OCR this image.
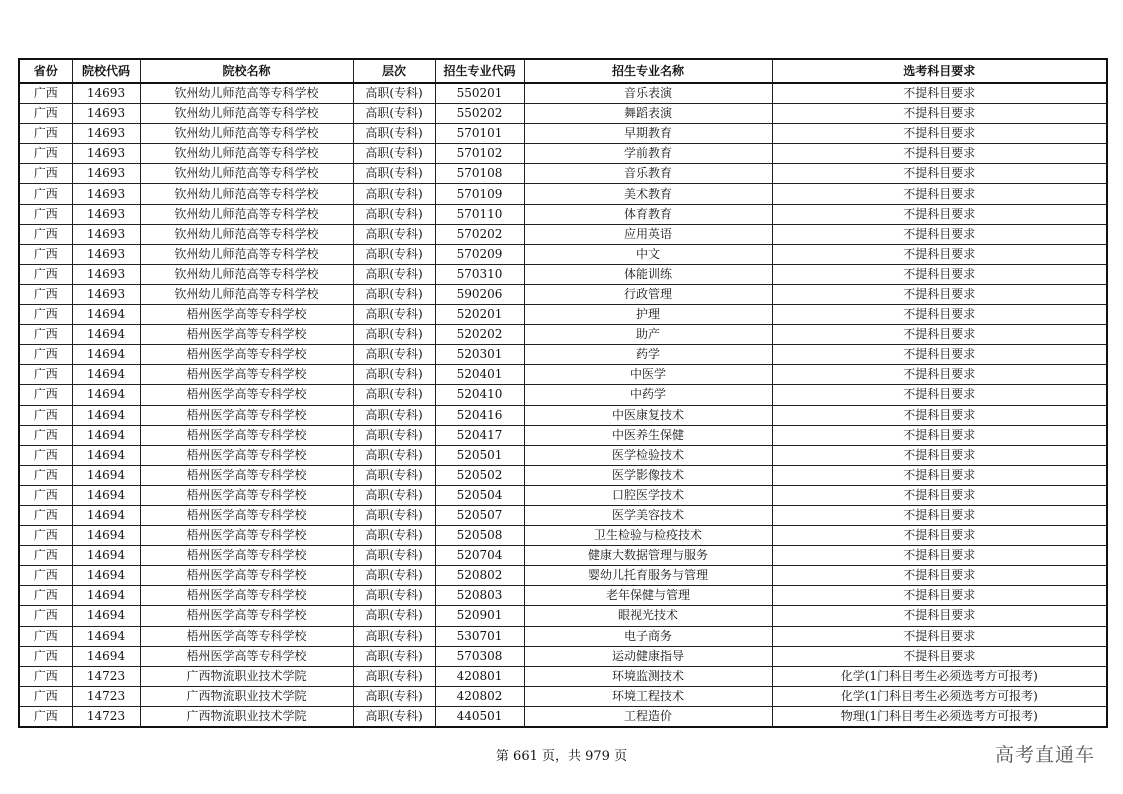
省份	院校代码	院校名称	层次	招生专业代码	招生专业名称	选考科目要求
广西	14693	钦州幼儿师范高等专科学校	高职(专科)	550201	音乐表演	不提科目要求
广西	14693	钦州幼儿师范高等专科学校	高职(专科)	550202	舞蹈表演	不提科目要求
广西	14693	钦州幼儿师范高等专科学校	高职(专科)	570101	早期教育	不提科目要求
广西	14693	钦州幼儿师范高等专科学校	高职(专科)	570102	学前教育	不提科目要求
广西	14693	钦州幼儿师范高等专科学校	高职(专科)	570108	音乐教育	不提科目要求
广西	14693	钦州幼儿师范高等专科学校	高职(专科)	570109	美术教育	不提科目要求
广西	14693	钦州幼儿师范高等专科学校	高职(专科)	570110	体育教育	不提科目要求
广西	14693	钦州幼儿师范高等专科学校	高职(专科)	570202	应用英语	不提科目要求
广西	14693	钦州幼儿师范高等专科学校	高职(专科)	570209	中文	不提科目要求
广西	14693	钦州幼儿师范高等专科学校	高职(专科)	570310	体能训练	不提科目要求
广西	14693	钦州幼儿师范高等专科学校	高职(专科)	590206	行政管理	不提科目要求
广西	14694	梧州医学高等专科学校	高职(专科)	520201	护理	不提科目要求
广西	14694	梧州医学高等专科学校	高职(专科)	520202	助产	不提科目要求
广西	14694	梧州医学高等专科学校	高职(专科)	520301	药学	不提科目要求
广西	14694	梧州医学高等专科学校	高职(专科)	520401	中医学	不提科目要求
广西	14694	梧州医学高等专科学校	高职(专科)	520410	中药学	不提科目要求
广西	14694	梧州医学高等专科学校	高职(专科)	520416	中医康复技术	不提科目要求
广西	14694	梧州医学高等专科学校	高职(专科)	520417	中医养生保健	不提科目要求
广西	14694	梧州医学高等专科学校	高职(专科)	520501	医学检验技术	不提科目要求
广西	14694	梧州医学高等专科学校	高职(专科)	520502	医学影像技术	不提科目要求
广西	14694	梧州医学高等专科学校	高职(专科)	520504	口腔医学技术	不提科目要求
广西	14694	梧州医学高等专科学校	高职(专科)	520507	医学美容技术	不提科目要求
广西	14694	梧州医学高等专科学校	高职(专科)	520508	卫生检验与检疫技术	不提科目要求
广西	14694	梧州医学高等专科学校	高职(专科)	520704	健康大数据管理与服务	不提科目要求
广西	14694	梧州医学高等专科学校	高职(专科)	520802	婴幼儿托育服务与管理	不提科目要求
广西	14694	梧州医学高等专科学校	高职(专科)	520803	老年保健与管理	不提科目要求
广西	14694	梧州医学高等专科学校	高职(专科)	520901	眼视光技术	不提科目要求
广西	14694	梧州医学高等专科学校	高职(专科)	530701	电子商务	不提科目要求
广西	14694	梧州医学高等专科学校	高职(专科)	570308	运动健康指导	不提科目要求
广西	14723	广西物流职业技术学院	高职(专科)	420801	环境监测技术	化学(1门科目考生必须选考方可报考)
广西	14723	广西物流职业技术学院	高职(专科)	420802	环境工程技术	化学(1门科目考生必须选考方可报考)
广西	14723	广西物流职业技术学院	高职(专科)	440501	工程造价	物理(1门科目考生必须选考方可报考)
第 661 页，共 979 页	高考直通车
